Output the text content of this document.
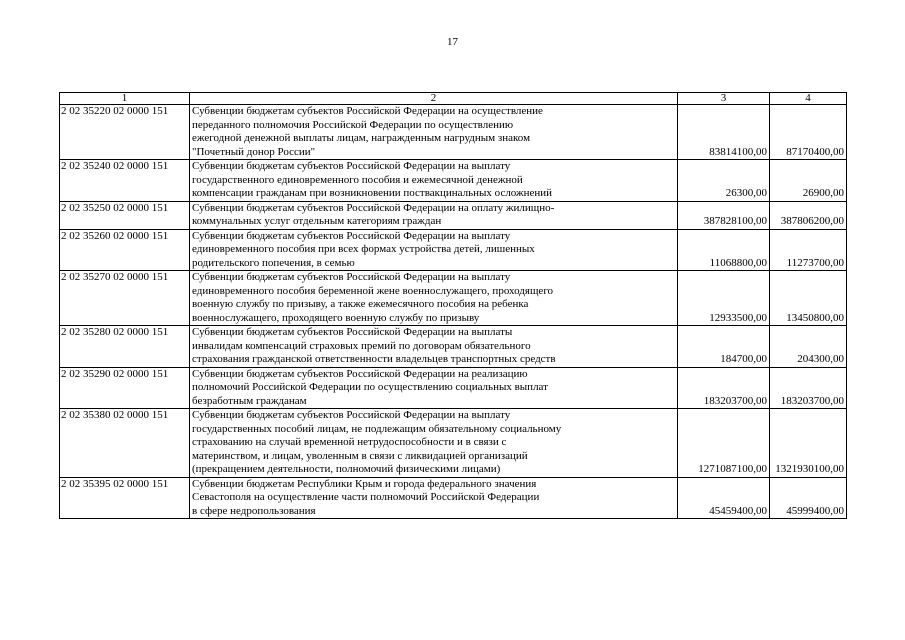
17
1	2	3	4
2 02 35220 02 0000 151	Субвенции бюджетам субъектов Российской Федерации на осуществление
переданного полномочия Российской Федерации по осуществлению
ежегодной денежной выплаты лицам, награжденным нагрудным знаком
"Почетный донор России"	83814100,00	87170400,00
2 02 35240 02 0000 151	Субвенции бюджетам субъектов Российской Федерации на выплату
государственного единовременного пособия и ежемесячной денежной
компенсации гражданам при возникновении поствакцинальных осложнений	26300,00	26900,00
2 02 35250 02 0000 151	Субвенции бюджетам субъектов Российской Федерации на оплату жилищно-
коммунальных услуг отдельным категориям граждан	387828100,00	387806200,00
2 02 35260 02 0000 151	Субвенции бюджетам субъектов Российской Федерации на выплату
единовременного пособия при всех формах устройства детей, лишенных
родительского попечения, в семью	11068800,00	11273700,00
2 02 35270 02 0000 151	Субвенции бюджетам субъектов Российской Федерации на выплату
единовременного пособия беременной жене военнослужащего, проходящего
военную службу по призыву, а также ежемесячного пособия на ребенка
военнослужащего, проходящего военную службу по призыву	12933500,00	13450800,00
2 02 35280 02 0000 151	Субвенции бюджетам субъектов Российской Федерации на выплаты
инвалидам компенсаций страховых премий по договорам обязательного
страхования гражданской ответственности владельцев транспортных средств	184700,00	204300,00
2 02 35290 02 0000 151	Субвенции бюджетам субъектов Российской Федерации на реализацию
полномочий Российской Федерации по осуществлению социальных выплат
безработным гражданам	183203700,00	183203700,00
2 02 35380 02 0000 151	Субвенции бюджетам субъектов Российской Федерации на выплату
государственных пособий лицам, не подлежащим обязательному социальному
страхованию на случай временной нетрудоспособности и в связи с
материнством, и лицам, уволенным в связи с ликвидацией организаций
(прекращением деятельности, полномочий физическими лицами)	1271087100,00	1321930100,00
2 02 35395 02 0000 151	Субвенции бюджетам Республики Крым и города федерального значения
Севастополя на осуществление части полномочий Российской Федерации
в сфере недропользования	45459400,00	45999400,00
